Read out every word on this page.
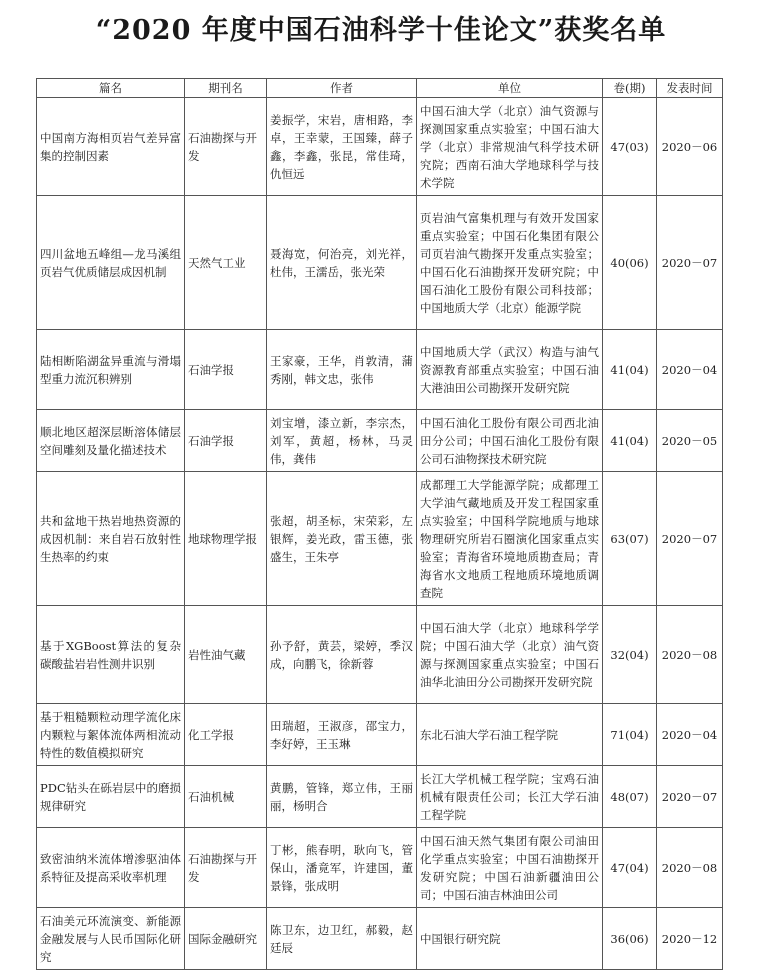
“2020 年度中国石油科学十佳论文”获奖名单
篇名	期刊名	作者	单位	卷(期)	发表时间
中国南方海相页岩气差异富集的控制因素	石油勘探与开发	姜振学，宋岩，唐相路，李卓，王幸蒙，王国臻，薛子鑫，李鑫，张昆，常佳琦，仇恒远	中国石油大学（北京）油气资源与探测国家重点实验室；中国石油大学（北京）非常规油气科学技术研究院；西南石油大学地球科学与技术学院	47(03)	2020－06
四川盆地五峰组—龙马溪组页岩气优质储层成因机制	天然气工业	聂海宽，何治亮，刘光祥，杜伟，王濡岳，张光荣	页岩油气富集机理与有效开发国家重点实验室；中国石化集团有限公司页岩油气勘探开发重点实验室；中国石化石油勘探开发研究院；中国石油化工股份有限公司科技部；中国地质大学（北京）能源学院	40(06)	2020－07
陆相断陷湖盆异重流与滑塌型重力流沉积辨别	石油学报	王家豪，王华，肖敦清，蒲秀刚，韩文忠，张伟	中国地质大学（武汉）构造与油气资源教育部重点实验室；中国石油大港油田公司勘探开发研究院	41(04)	2020－04
顺北地区超深层断溶体储层空间雕刻及量化描述技术	石油学报	刘宝增，漆立新，李宗杰，刘军，黄超，杨林，马灵伟，龚伟	中国石油化工股份有限公司西北油田分公司；中国石油化工股份有限公司石油物探技术研究院	41(04)	2020－05
共和盆地干热岩地热资源的成因机制：来自岩石放射性生热率的约束	地球物理学报	张超，胡圣标，宋荣彩，左银辉，姜光政，雷玉德，张盛生，王朱亭	成都理工大学能源学院；成都理工大学油气藏地质及开发工程国家重点实验室；中国科学院地质与地球物理研究所岩石圈演化国家重点实验室；青海省环境地质勘查局；青海省水文地质工程地质环境地质调查院	63(07)	2020－07
基于XGBoost算法的复杂碳酸盐岩岩性测井识别	岩性油气藏	孙予舒，黄芸，梁婷，季汉成，向鹏飞，徐新蓉	中国石油大学（北京）地球科学学院；中国石油大学（北京）油气资源与探测国家重点实验室；中国石油华北油田分公司勘探开发研究院	32(04)	2020－08
基于粗糙颗粒动理学流化床内颗粒与絮体流体两相流动特性的数值模拟研究	化工学报	田瑞超，王淑彦，邵宝力，李好婷，王玉琳	东北石油大学石油工程学院	71(04)	2020－04
PDC钻头在砾岩层中的磨损规律研究	石油机械	黄鹏，管锋，郑立伟，王丽丽，杨明合	长江大学机械工程学院；宝鸡石油机械有限责任公司；长江大学石油工程学院	48(07)	2020－07
致密油纳米流体增渗驱油体系特征及提高采收率机理	石油勘探与开发	丁彬，熊春明，耿向飞，管保山，潘竟军，许建国，董景锋，张成明	中国石油天然气集团有限公司油田化学重点实验室；中国石油勘探开发研究院；中国石油新疆油田公司；中国石油吉林油田公司	47(04)	2020－08
石油美元环流演变、新能源金融发展与人民币国际化研究	国际金融研究	陈卫东，边卫红，郝毅，赵廷辰	中国银行研究院	36(06)	2020－12
